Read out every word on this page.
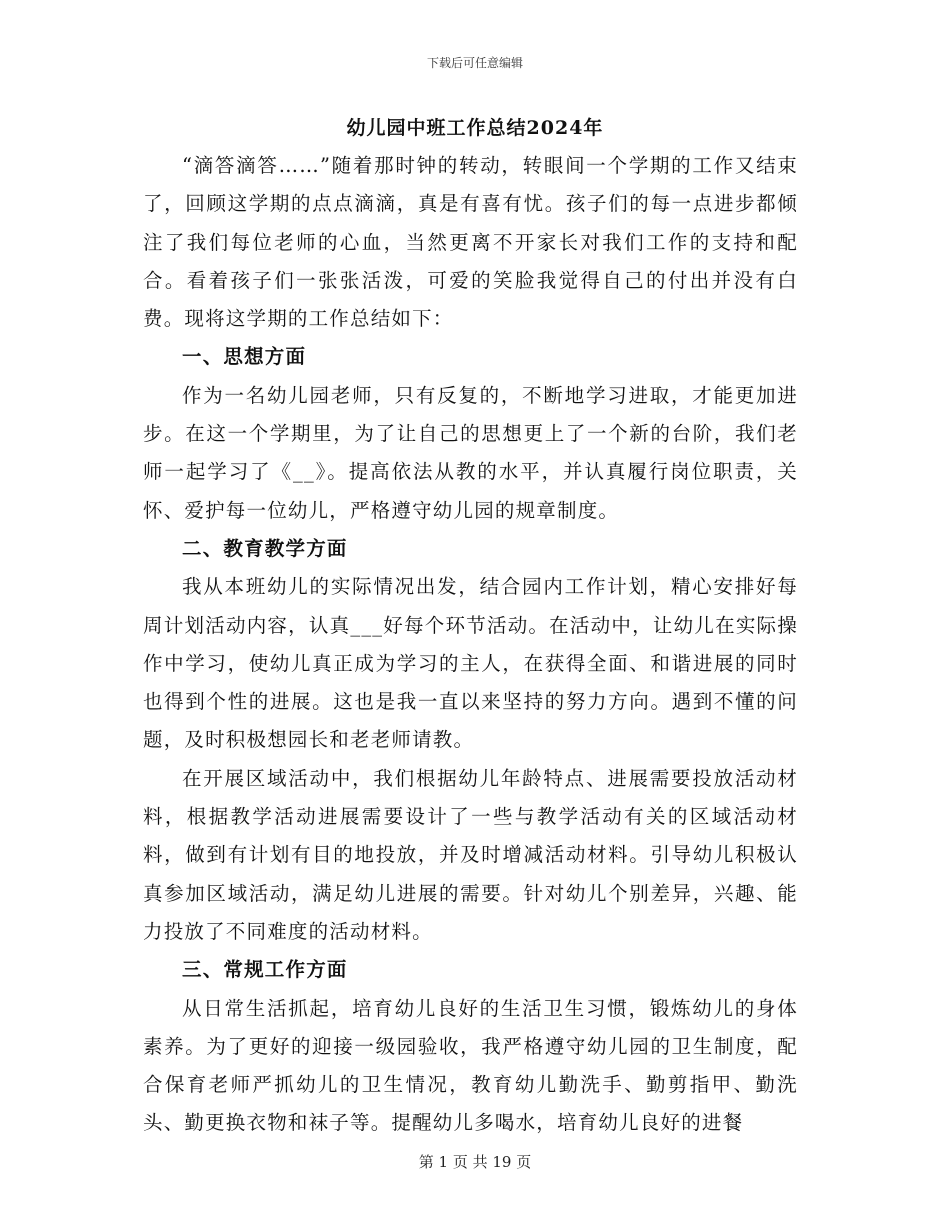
下载后可任意编辑
幼儿园中班工作总结2024年

“滴答滴答……”随着那时钟的转动，转眼间一个学期的工作又结束了，回顾这学期的点点滴滴，真是有喜有忧。孩子们的每一点进步都倾注了我们每位老师的心血，当然更离不开家长对我们工作的支持和配合。看着孩子们一张张活泼，可爱的笑脸我觉得自己的付出并没有白费。现将这学期的工作总结如下：

一、思想方面

作为一名幼儿园老师，只有反复的，不断地学习进取，才能更加进步。在这一个学期里，为了让自己的思想更上了一个新的台阶，我们老师一起学习了《__》。提高依法从教的水平，并认真履行岗位职责，关怀、爱护每一位幼儿，严格遵守幼儿园的规章制度。

二、教育教学方面

我从本班幼儿的实际情况出发，结合园内工作计划，精心安排好每周计划活动内容，认真___好每个环节活动。在活动中，让幼儿在实际操作中学习，使幼儿真正成为学习的主人，在获得全面、和谐进展的同时也得到个性的进展。这也是我一直以来坚持的努力方向。遇到不懂的问题，及时积极想园长和老老师请教。

在开展区域活动中，我们根据幼儿年龄特点、进展需要投放活动材料，根据教学活动进展需要设计了一些与教学活动有关的区域活动材料，做到有计划有目的地投放，并及时增减活动材料。引导幼儿积极认真参加区域活动，满足幼儿进展的需要。针对幼儿个别差异，兴趣、能力投放了不同难度的活动材料。

三、常规工作方面

从日常生活抓起，培育幼儿良好的生活卫生习惯，锻炼幼儿的身体素养。为了更好的迎接一级园验收，我严格遵守幼儿园的卫生制度，配合保育老师严抓幼儿的卫生情况，教育幼儿勤洗手、勤剪指甲、勤洗头、勤更换衣物和袜子等。提醒幼儿多喝水，培育幼儿良好的进餐

第 1 页 共 19 页
